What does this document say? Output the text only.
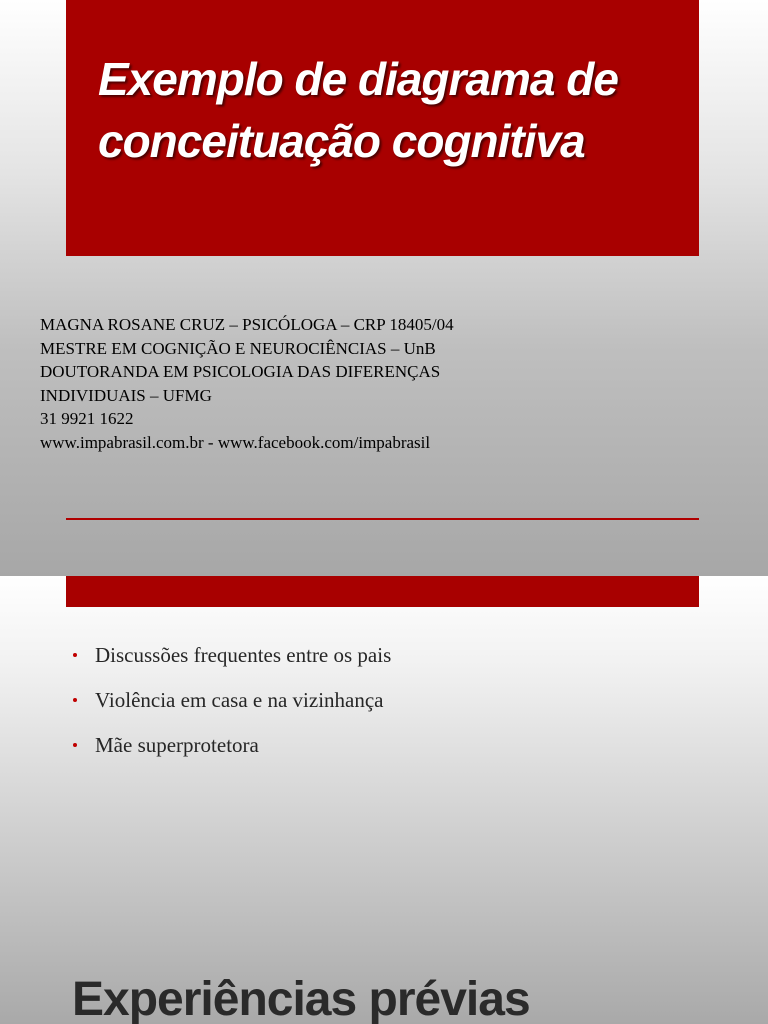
Exemplo de diagrama de conceituação cognitiva
MAGNA ROSANE CRUZ – PSICÓLOGA – CRP 18405/04
MESTRE EM COGNIÇÃO E NEUROCIÊNCIAS – UnB
DOUTORANDA EM PSICOLOGIA DAS DIFERENÇAS
INDIVIDUAIS – UFMG
31 9921 1622
www.impabrasil.com.br - www.facebook.com/impabrasil
Discussões frequentes entre os pais
Violência em casa e na vizinhança
Mãe superprotetora
Experiências prévias
